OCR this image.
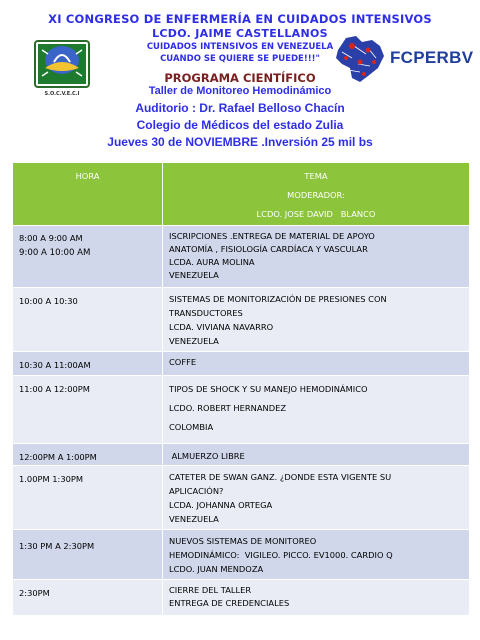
XI CONGRESO DE ENFERMERÍA EN CUIDADOS INTENSIVOS
LCDO. JAIME CASTELLANOS
CUIDADOS INTENSIVOS EN VENEZUELA
CUANDO SE QUIERE SE PUEDE!!!"
PROGRAMA CIENTÍFICO
Taller de Monitoreo Hemodinámico
Auditorio : Dr. Rafael Belloso Chacín
Colegio de Médicos del estado Zulia
Jueves 30 de NOVIEMBRE .Inversión 25 mil bs
S.O.C.V.E.C.I
FCPERBV
HORA	TEMA
MODERADOR:
LCDO. JOSE DAVID   BLANCO

8:00 A 9:00 AM
9:00 A 10:00 AM	ISCRIPCIONES .ENTREGA DE MATERIAL DE APOYO
ANATOMÍA , FISIOLOGÍA CARDÍACA Y VASCULAR
LCDA. AURA MOLINA
VENEZUELA

10:00 A 10:30	SISTEMAS DE MONITORIZACIÓN DE PRESIONES CON
TRANSDUCTORES
LCDA. VIVIANA NAVARRO
VENEZUELA

10:30 A 11:00AM	COFFE

11:00 A 12:00PM	TIPOS DE SHOCK Y SU MANEJO HEMODINÁMICO
LCDO. ROBERT HERNANDEZ
COLOMBIA

12:00PM A 1:00PM	ALMUERZO LIBRE

1.00PM 1:30PM	CATETER DE SWAN GANZ. ¿DONDE ESTA VIGENTE SU
APLICACIÓN?
LCDA. JOHANNA ORTEGA
VENEZUELA

1:30 PM A 2:30PM	NUEVOS SISTEMAS DE MONITOREO
HEMODINÁMICO:  VIGILEO. PICCO. EV1000. CARDIO Q
LCDO. JUAN MENDOZA

2:30PM	CIERRE DEL TALLER
ENTREGA DE CREDENCIALES
